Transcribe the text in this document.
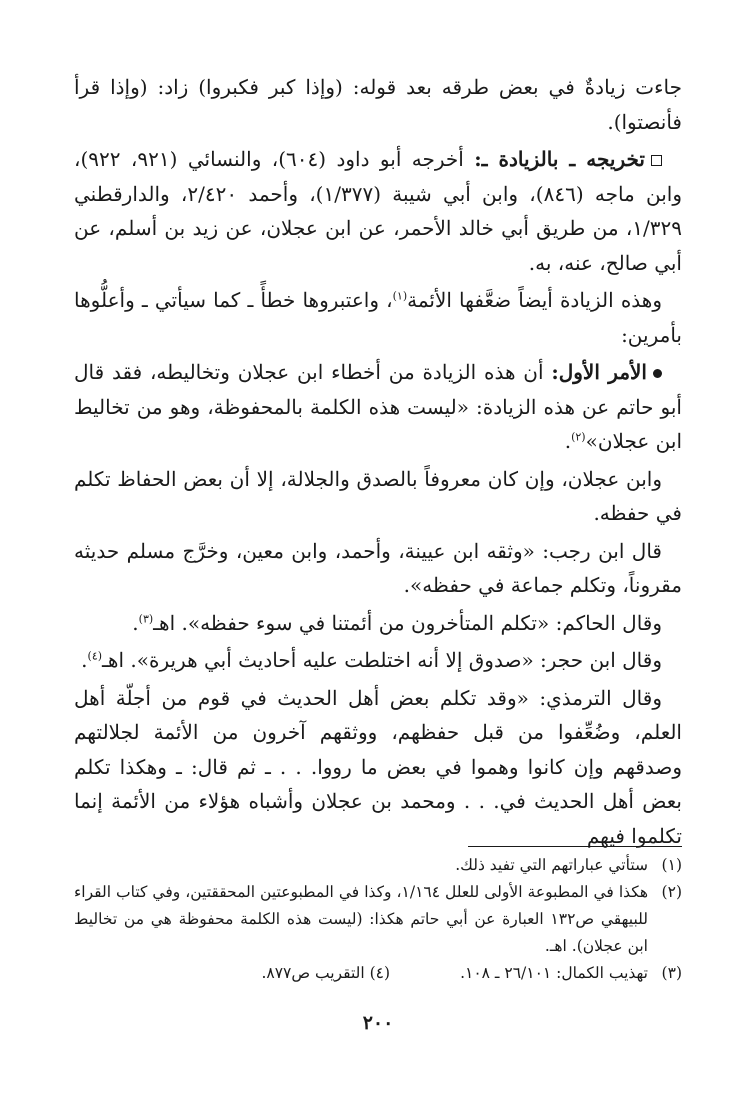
جاءت زيادةٌ في بعض طرقه بعد قوله: (وإذا كبر فكبروا) زاد: (وإذا قرأ فأنصتوا).

تخريجه ـ بالزيادة ـ: أخرجه أبو داود (٦٠٤)، والنسائي (٩٢١، ٩٢٢)، وابن ماجه (٨٤٦)، وابن أبي شيبة (١/٣٧٧)، وأحمد ٢/٤٢٠، والدارقطني ١/٣٢٩، من طريق أبي خالد الأحمر، عن ابن عجلان، عن زيد بن أسلم، عن أبي صالح، عنه، به.

وهذه الزيادة أيضاً ضعَّفها الأئمة$^{(١)}$، واعتبروها خطأً ـ كما سيأتي ـ وأعلُّوها بأمرين:

الأمر الأول: أن هذه الزيادة من أخطاء ابن عجلان وتخاليطه، فقد قال أبو حاتم عن هذه الزيادة: «ليست هذه الكلمة بالمحفوظة، وهو من تخاليط ابن عجلان»$^{(٢)}$.

وابن عجلان، وإن كان معروفاً بالصدق والجلالة، إلا أن بعض الحفاظ تكلم في حفظه.

قال ابن رجب: «وثقه ابن عيينة، وأحمد، وابن معين، وخرَّج مسلم حديثه مقروناً، وتكلم جماعة في حفظه».

وقال الحاكم: «تكلم المتأخرون من أئمتنا في سوء حفظه». اهـ$^{(٣)}$.

وقال ابن حجر: «صدوق إلا أنه اختلطت عليه أحاديث أبي هريرة». اهـ$^{(٤)}$.

وقال الترمذي: «وقد تكلم بعض أهل الحديث في قوم من أجلّة أهل العلم، وضُعِّفوا من قبل حفظهم، ووثقهم آخرون من الأئمة لجلالتهم وصدقهم وإن كانوا وهموا في بعض ما رووا. . . ـ ثم قال: ـ وهكذا تكلم بعض أهل الحديث في. . . ومحمد بن عجلان وأشباه هؤلاء من الأئمة إنما تكلموا فيهم

(١)
ستأتي عباراتهم التي تفيد ذلك.

(٢)
هكذا في المطبوعة الأولى للعلل ١/١٦٤، وكذا في المطبوعتين المحققتين، وفي كتاب القراء للبيهقي ص١٣٢ العبارة عن أبي حاتم هكذا: (ليست هذه الكلمة محفوظة هي من تخاليط ابن عجلان). اهـ.

(٣)
تهذيب الكمال: ٢٦/١٠١ ـ ١٠٨.
(٤) التقريب ص٨٧٧.
٢٠٠
